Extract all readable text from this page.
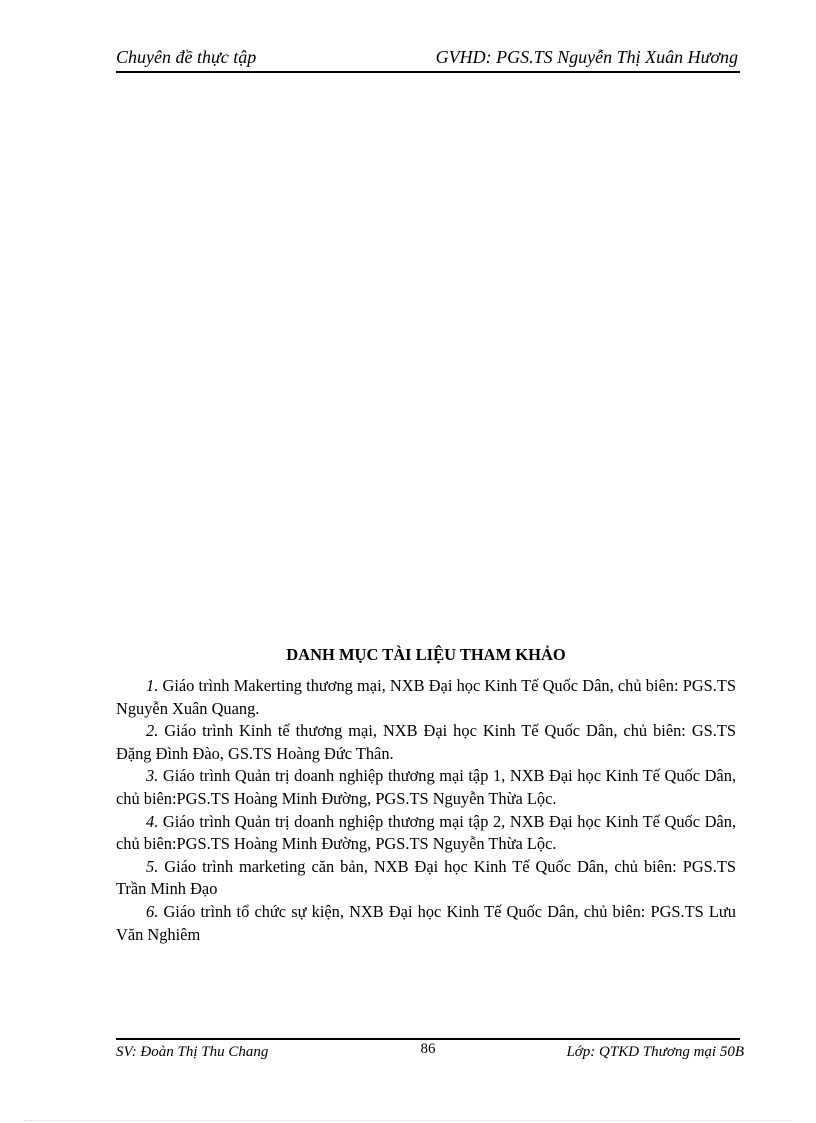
Chuyên đề thực tập	GVHD: PGS.TS Nguyễn Thị Xuân Hương
DANH MỤC TÀI LIỆU THAM KHẢO

1. Giáo trình Makerting thương mại, NXB Đại học Kinh Tế Quốc Dân, chủ biên: PGS.TS Nguyễn Xuân Quang.

2. Giáo trình Kinh tế thương mại, NXB Đại học Kinh Tế Quốc Dân, chủ biên: GS.TS Đặng Đình Đào, GS.TS Hoàng Đức Thân.

3. Giáo trình Quản trị doanh nghiệp thương mại tập 1, NXB Đại học Kinh Tế Quốc Dân, chủ biên:PGS.TS Hoàng Minh Đường, PGS.TS Nguyễn Thừa Lộc.

4. Giáo trình Quản trị doanh nghiệp thương mại tập 2, NXB Đại học Kinh Tế Quốc Dân, chủ biên:PGS.TS Hoàng Minh Đường, PGS.TS Nguyễn Thừa Lộc.

5. Giáo trình marketing căn bản, NXB Đại học Kinh Tế Quốc Dân, chủ biên: PGS.TS Trần Minh Đạo

6. Giáo trình tổ chức sự kiện, NXB Đại học Kinh Tế Quốc Dân, chủ biên: PGS.TS Lưu Văn Nghiêm

SV: Đoàn Thị Thu Chang	86	Lớp: QTKD Thương mại 50B
